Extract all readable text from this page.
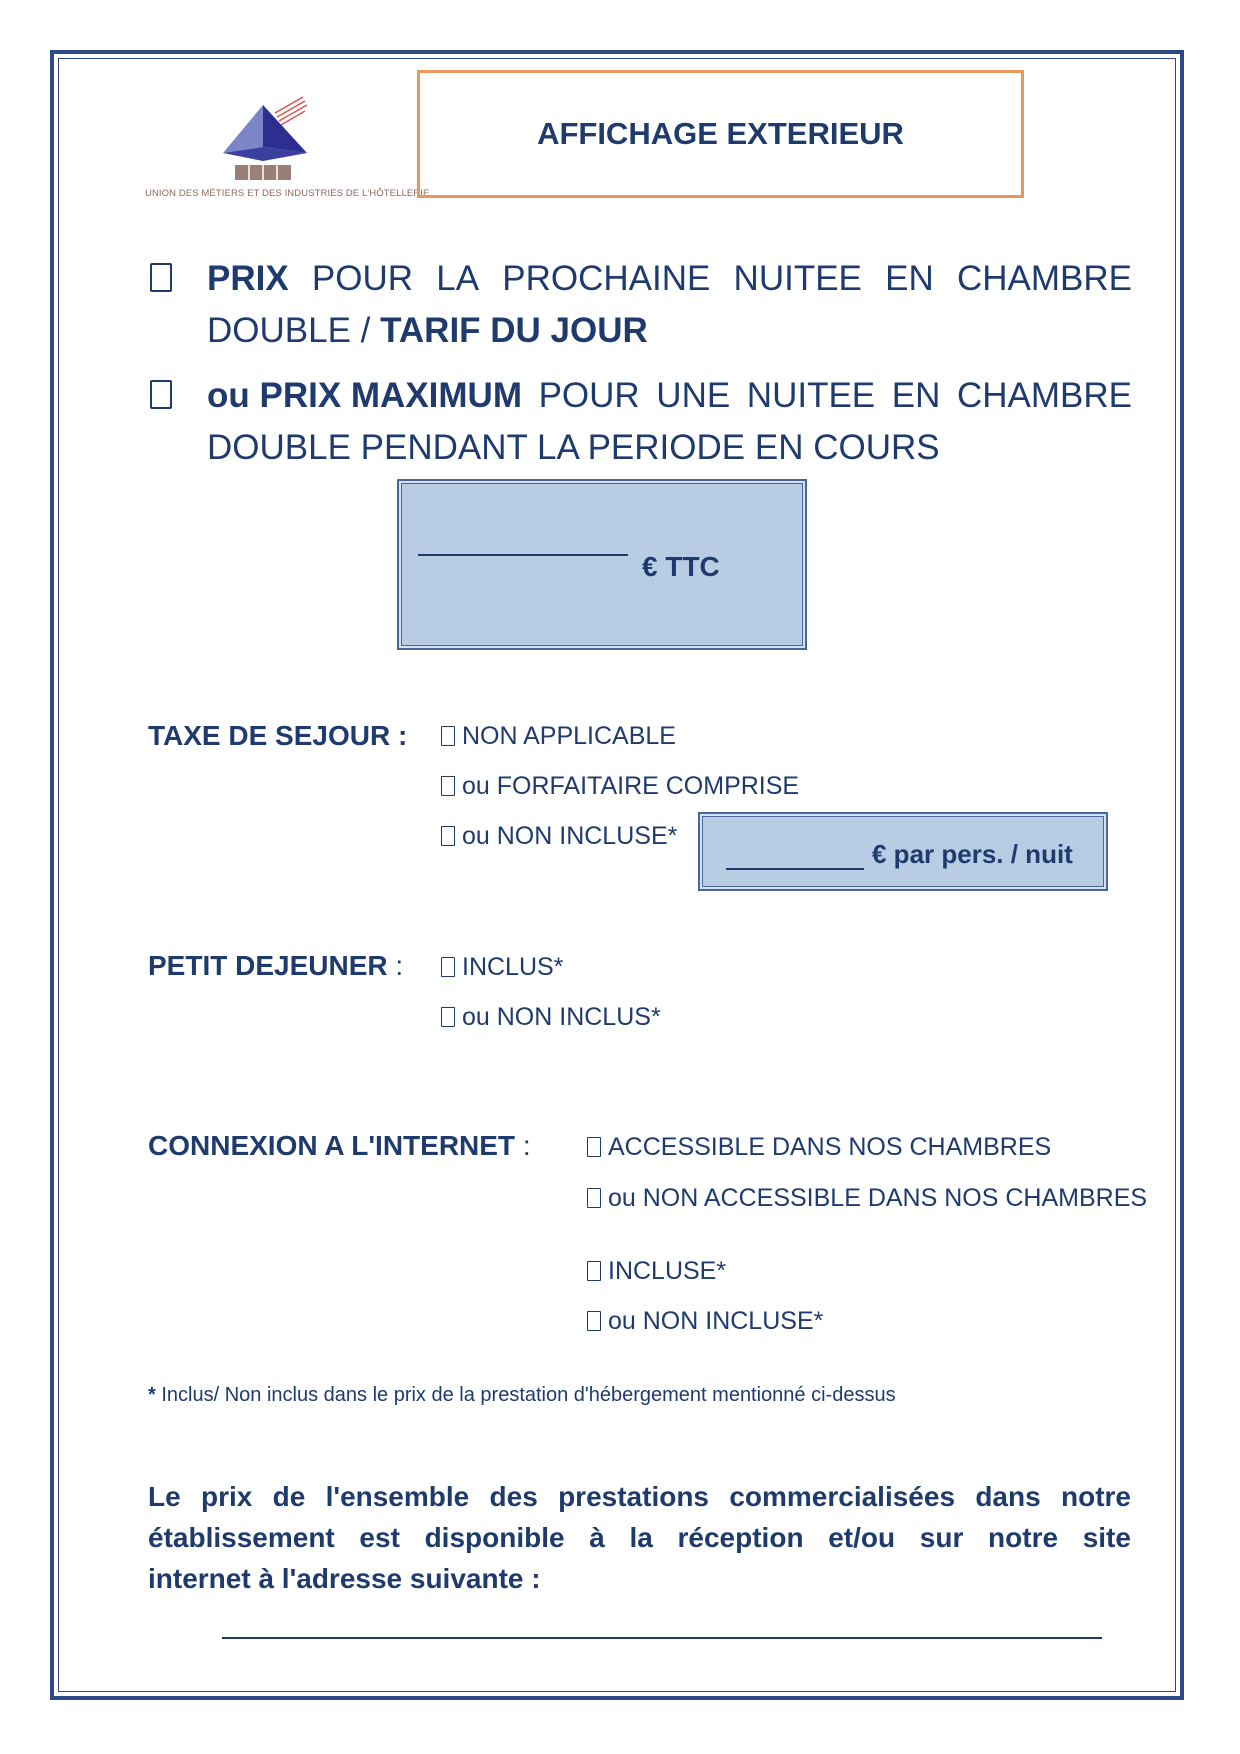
UNION DES MÉTIERS ET DES INDUSTRIES DE L'HÔTELLERIE
AFFICHAGE EXTERIEUR
PRIX POUR LA PROCHAINE NUITEE EN CHAMBRE
DOUBLE / TARIF DU JOUR
ou PRIX MAXIMUM POUR UNE NUITEE EN CHAMBRE
DOUBLE PENDANT LA PERIODE EN COURS
€ TTC
TAXE DE SEJOUR :	NON APPLICABLE
ou FORFAITAIRE COMPRISE
ou NON INCLUSE*
€ par pers. / nuit
PETIT DEJEUNER :	INCLUS*
ou NON INCLUS*
CONNEXION A L'INTERNET :	ACCESSIBLE DANS NOS CHAMBRES
ou NON ACCESSIBLE DANS NOS CHAMBRES
INCLUSE*
ou NON INCLUSE*
* Inclus/ Non inclus dans le prix de la prestation d'hébergement mentionné ci-dessus
Le prix de l'ensemble des prestations commercialisées dans notre
établissement est disponible à la réception et/ou sur notre site
internet à l'adresse suivante :
